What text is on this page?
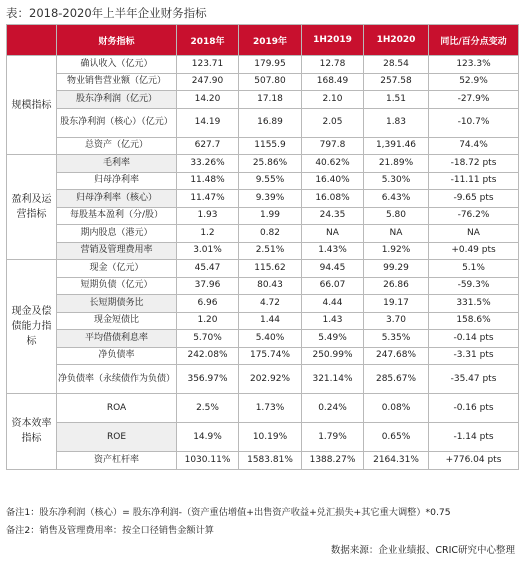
表：2018-2020年上半年企业财务指标
	财务指标	2018年	2019年	1H2019	1H2020	同比/百分点变动
规模指标	确认收入（亿元）	123.71	179.95	12.78	28.54	123.3%
	物业销售营业额（亿元）	247.90	507.80	168.49	257.58	52.9%
	股东净利润（亿元）	14.20	17.18	2.10	1.51	-27.9%
	股东净利润（核心）（亿元）	14.19	16.89	2.05	1.83	-10.7%
	总资产（亿元）	627.7	1155.9	797.8	1,391.46	74.4%
盈利及运营指标	毛利率	33.26%	25.86%	40.62%	21.89%	-18.72 pts
	归母净利率	11.48%	9.55%	16.40%	5.30%	-11.11 pts
	归母净利率（核心）	11.47%	9.39%	16.08%	6.43%	-9.65 pts
	每股基本盈利（分/股）	1.93	1.99	24.35	5.80	-76.2%
	期内股息（港元）	1.2	0.82	NA	NA	NA
	营销及管理费用率	3.01%	2.51%	1.43%	1.92%	+0.49 pts
现金及偿债能力指标	现金（亿元）	45.47	115.62	94.45	99.29	5.1%
	短期负债（亿元）	37.96	80.43	66.07	26.86	-59.3%
	长短期债务比	6.96	4.72	4.44	19.17	331.5%
	现金短债比	1.20	1.44	1.43	3.70	158.6%
	平均借债利息率	5.70%	5.40%	5.49%	5.35%	-0.14 pts
	净负债率	242.08%	175.74%	250.99%	247.68%	-3.31 pts
	净负债率（永续债作为负债）	356.97%	202.92%	321.14%	285.67%	-35.47 pts
资本效率指标	ROA	2.5%	1.73%	0.24%	0.08%	-0.16 pts
	ROE	14.9%	10.19%	1.79%	0.65%	-1.14 pts
	资产杠杆率	1030.11%	1583.81%	1388.27%	2164.31%	+776.04 pts
备注1：股东净利润（核心）= 股东净利润-（资产重估增值+出售资产收益+兑汇损失+其它重大调整）*0.75
备注2：销售及管理费用率：按全口径销售金额计算
数据来源：企业业绩报、CRIC研究中心整理
